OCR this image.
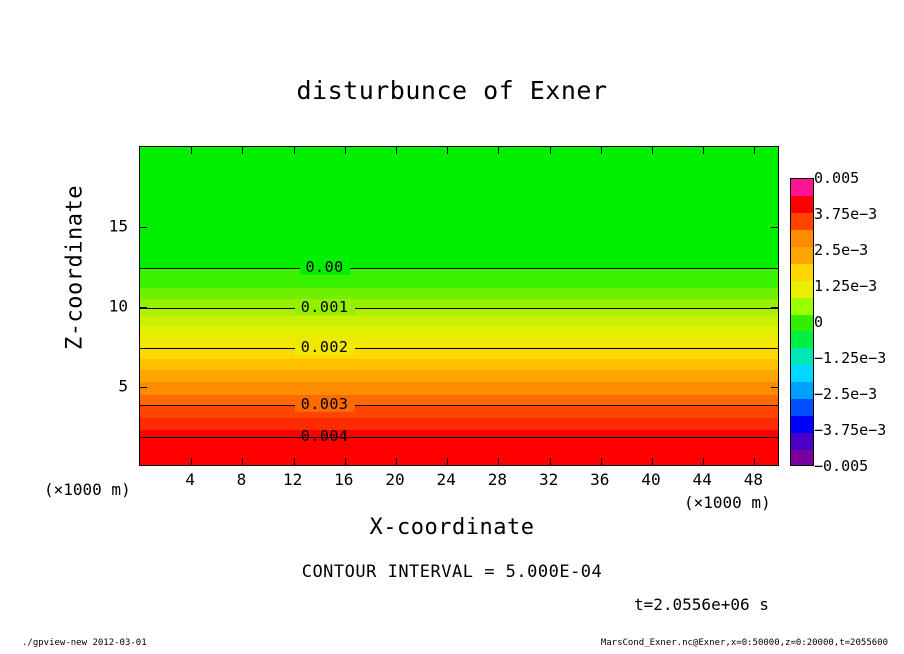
disturbunce of Exner
0.00
0.001
0.002
0.003
0.004
4	8 12 16 20 24 28 32 36 40 44 48
5
10
15
(×1000 m)
(×1000 m)
X-coordinate
Z-coordinate
0.005
3.75e−3
2.5e−3
1.25e−3
0
−1.25e−3
−2.5e−3
−3.75e−3
−0.005
CONTOUR INTERVAL = 5.000E-04
t=2.0556e+06 s
./gpview-new 2012-03-01	MarsCond_Exner.nc@Exner,x=0:50000,z=0:20000,t=2055600
